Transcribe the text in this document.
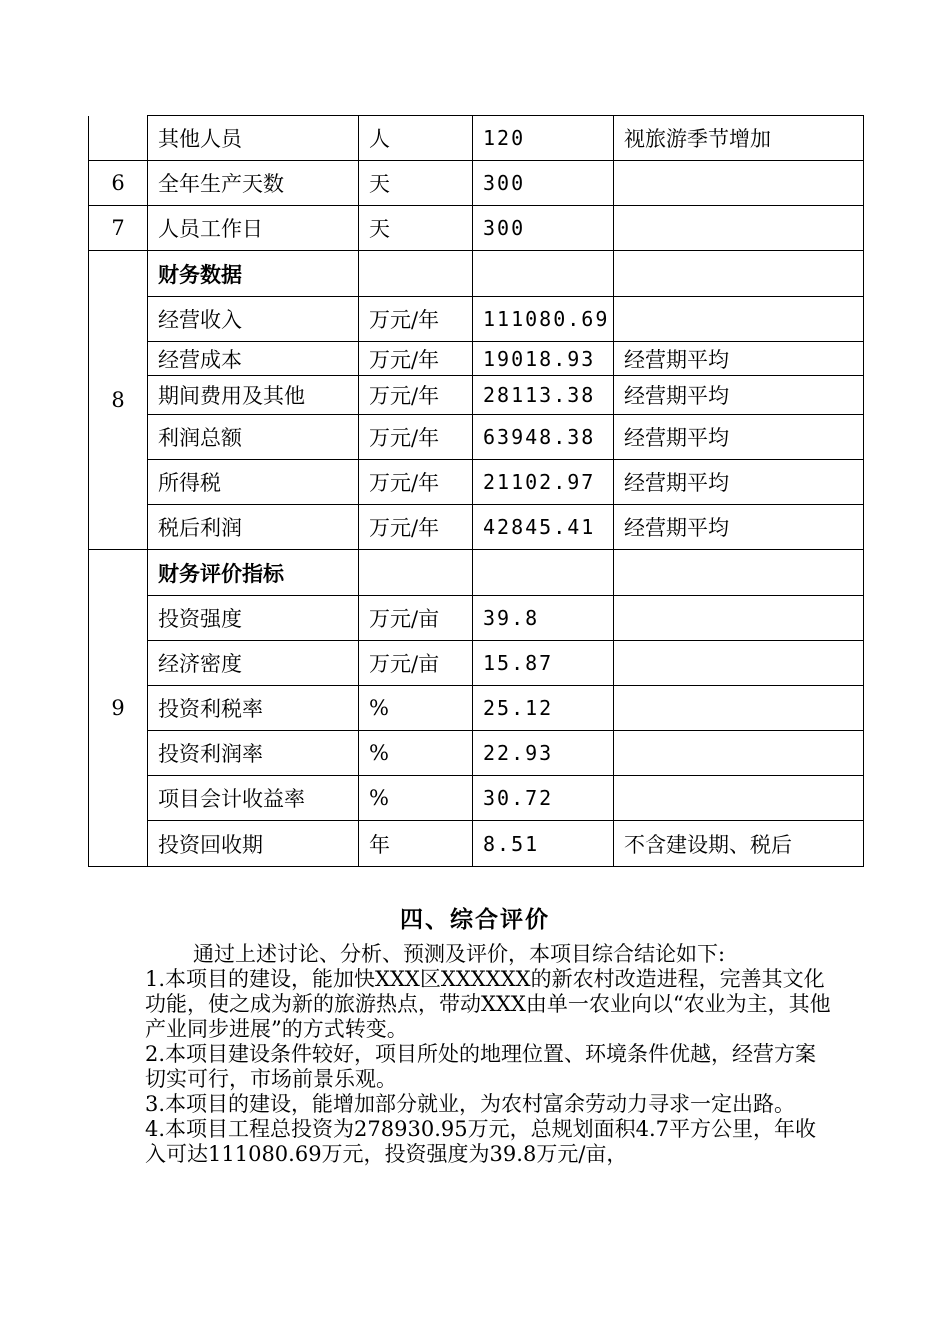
	其他人员	人	120	视旅游季节增加
6	全年生产天数	天	300	
7	人员工作日	天	300	
8	财务数据			
	经营收入	万元/年	111080.69	
	经营成本	万元/年	19018.93	经营期平均
	期间费用及其他	万元/年	28113.38	经营期平均
	利润总额	万元/年	63948.38	经营期平均
	所得税	万元/年	21102.97	经营期平均
	税后利润	万元/年	42845.41	经营期平均
9	财务评价指标			
	投资强度	万元/亩	39.8	
	经济密度	万元/亩	15.87	
	投资利税率	%	25.12	
	投资利润率	%	22.93	
	项目会计收益率	%	30.72	
	投资回收期	年	8.51	不含建设期、税后
四、综合评价

通过上述讨论、分析、预测及评价，本项目综合结论如下:

1.本项目的建设，能加快XXX区XXXXXX的新农村改造进程，完善其文化功能，使之成为新的旅游热点，带动XXX由单一农业向以“农业为主，其他产业同步进展”的方式转变。

2.本项目建设条件较好，项目所处的地理位置、环境条件优越，经营方案切实可行，市场前景乐观。

3.本项目的建设，能增加部分就业，为农村富余劳动力寻求一定出路。

4.本项目工程总投资为278930.95万元，总规划面积4.7平方公里，年收入可达111080.69万元，投资强度为39.8万元/亩，
